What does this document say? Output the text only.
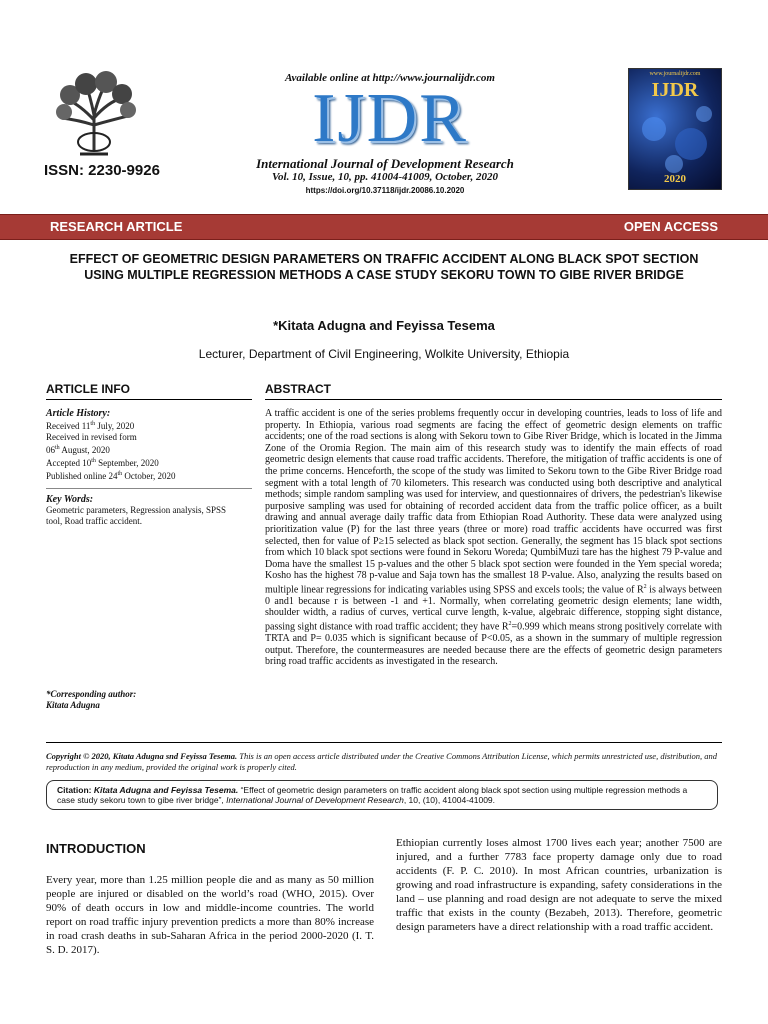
ISSN: 2230-9926
Available online at http://www.journalijdr.com
IJDR
International Journal of Development Research
Vol. 10, Issue, 10, pp. 41004-41009, October, 2020
https://doi.org/10.37118/ijdr.20086.10.2020
www.journalijdr.com
IJDR
2020
RESEARCH ARTICLE	OPEN ACCESS
EFFECT OF GEOMETRIC DESIGN PARAMETERS ON TRAFFIC ACCIDENT ALONG BLACK SPOT SECTION USING MULTIPLE REGRESSION METHODS A CASE STUDY SEKORU TOWN TO GIBE RIVER BRIDGE
*Kitata Adugna and Feyissa Tesema
Lecturer, Department of Civil Engineering, Wolkite University, Ethiopia
ARTICLE INFO
Article History:
Received 11th July, 2020
Received in revised form
06th August, 2020
Accepted 10th September, 2020
Published online 24th October, 2020
Key Words:
Geometric parameters, Regression analysis, SPSS tool, Road traffic accident.
*Corresponding author:
Kitata Adugna
ABSTRACT
A traffic accident is one of the series problems frequently occur in developing countries, leads to loss of life and property. In Ethiopia, various road segments are facing the effect of geometric design elements on traffic accidents; one of the road sections is along with Sekoru town to Gibe River Bridge, which is located in the Jimma Zone of the Oromia Region. The main aim of this research study was to identify the main effects of road geometric design elements that cause road traffic accidents. Therefore, the mitigation of traffic accidents is one of the prime concerns. Henceforth, the scope of the study was limited to Sekoru town to the Gibe River Bridge road segment with a total length of 70 kilometers. This research was conducted using both descriptive and analytical methods; simple random sampling was used for interview, and questionnaires of drivers, the pedestrian's likewise purposive sampling was used for obtaining of recorded accident data from the traffic police officer, as a built drawing and annual average daily traffic data from Ethiopian Road Authority. These data were analyzed using prioritization value (P) for the last three years (three or more) road traffic accidents have occurred was first selected, then for value of P≥15 selected as black spot section. Generally, the segment has 15 black spot sections from which 10 black spot sections were found in Sekoru Woreda; QumbiMuzi tare has the highest 79 P-value and Doma have the smallest 15 p-values and the other 5 black spot section were founded in the Yem special woreda; Kosho has the highest 78 p-value and Saja town has the smallest 18 P-value. Also, analyzing the results based on multiple linear regressions for indicating variables using SPSS and excels tools; the value of $R^2$ is always between 0 and1 because r is between -1 and +1. Normally, when correlating geometric design elements; lane width, shoulder width, a radius of curves, vertical curve length, k-value, algebraic difference, stopping sight distance, passing sight distance with road traffic accident; they have $R^2=0.999$ which means strong positively correlate with TRTA and P= 0.035 which is significant because of P<0.05, as a shown in the summary of multiple regression output. Therefore, the countermeasures are needed because there are the effects of geometric design parameters bring road traffic accidents as investigated in the research.
Copyright © 2020, Kitata Adugna snd Feyissa Tesema. This is an open access article distributed under the Creative Commons Attribution License, which permits unrestricted use, distribution, and reproduction in any medium, provided the original work is properly cited.
Citation: Kitata Adugna and Feyissa Tesema. “Effect of geometric design parameters on traffic accident along black spot section using multiple regression methods a case study sekoru town to gibe river bridge”, International Journal of Development Research, 10, (10), 41004-41009.
INTRODUCTION
Every year, more than 1.25 million people die and as many as 50 million people are injured or disabled on the world’s road (WHO, 2015). Over 90% of death occurs in low and middle-income countries. The world report on road traffic injury prevention predicts a more than 80% increase in road crash deaths in sub-Saharan Africa in the period 2000-2020 (I. T. S. D. 2017).
Ethiopian currently loses almost 1700 lives each year; another 7500 are injured, and a further 7783 face property damage only due to road accidents (F. P. C. 2010). In most African countries, urbanization is growing and road infrastructure is expanding, safety considerations in the land – use planning and road design are not adequate to serve the mixed traffic that exists in the county (Bezabeh, 2013). Therefore, geometric design parameters have a direct relationship with a road traffic accident.
